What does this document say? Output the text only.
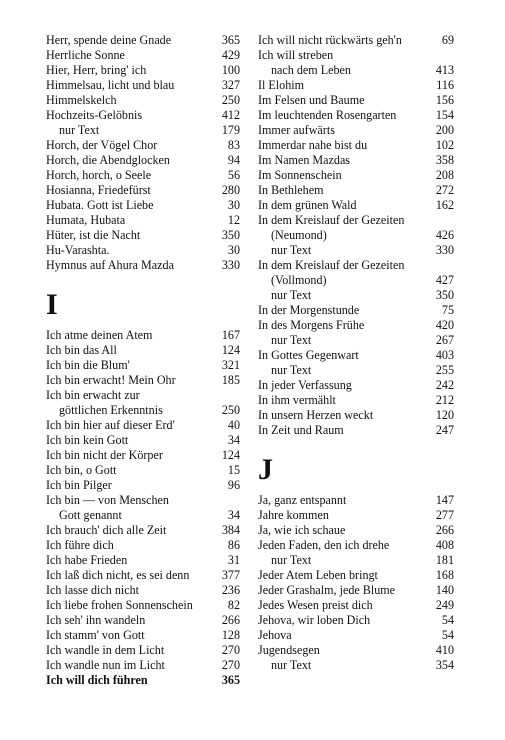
Herr, spende deine Gnade	365
Herrliche Sonne	429
Hier, Herr, bring' ich	100
Himmelsau, licht und blau	327
Himmelskelch	250
Hochzeits-Gelöbnis	412
nur Text	179
Horch, der Vögel Chor	83
Horch, die Abendglocken	94
Horch, horch, o Seele	56
Hosianna, Friedefürst	280
Hubata. Gott ist Liebe	30
Humata, Hubata	12
Hüter, ist die Nacht	350
Hu-Varashta.	30
Hymnus auf Ahura Mazda	330
I
Ich atme deinen Atem	167
Ich bin das All	124
Ich bin die Blum'	321
Ich bin erwacht! Mein Ohr	185
Ich bin erwacht zur
göttlichen Erkenntnis	250
Ich bin hier auf dieser Erd'	40
Ich bin kein Gott	34
Ich bin nicht der Körper	124
Ich bin, o Gott	15
Ich bin Pilger	96
Ich bin — von Menschen
Gott genannt	34
Ich brauch' dich alle Zeit	384
Ich führe dich	86
Ich habe Frieden	31
Ich laß dich nicht, es sei denn	377
Ich lasse dich nicht	236
Ich liebe frohen Sonnenschein	82
Ich seh' ihn wandeln	266
Ich stamm' von Gott	128
Ich wandle in dem Licht	270
Ich wandle nun im Licht	270
Ich will dich führen	365
Ich will nicht rückwärts geh'n	69
Ich will streben
nach dem Leben	413
Il Elohim	116
Im Felsen und Baume	156
Im leuchtenden Rosengarten	154
Immer aufwärts	200
Immerdar nahe bist du	102
Im Namen Mazdas	358
Im Sonnenschein	208
In Bethlehem	272
In dem grünen Wald	162
In dem Kreislauf der Gezeiten
(Neumond)	426
nur Text	330
In dem Kreislauf der Gezeiten
(Vollmond)	427
nur Text	350
In der Morgenstunde	75
In des Morgens Frühe	420
nur Text	267
In Gottes Gegenwart	403
nur Text	255
In jeder Verfassung	242
In ihm vermählt	212
In unsern Herzen weckt	120
In Zeit und Raum	247
J
Ja, ganz entspannt	147
Jahre kommen	277
Ja, wie ich schaue	266
Jeden Faden, den ich drehe	408
nur Text	181
Jeder Atem Leben bringt	168
Jeder Grashalm, jede Blume	140
Jedes Wesen preist dich	249
Jehova, wir loben Dich	54
Jehova	54
Jugendsegen	410
nur Text	354
